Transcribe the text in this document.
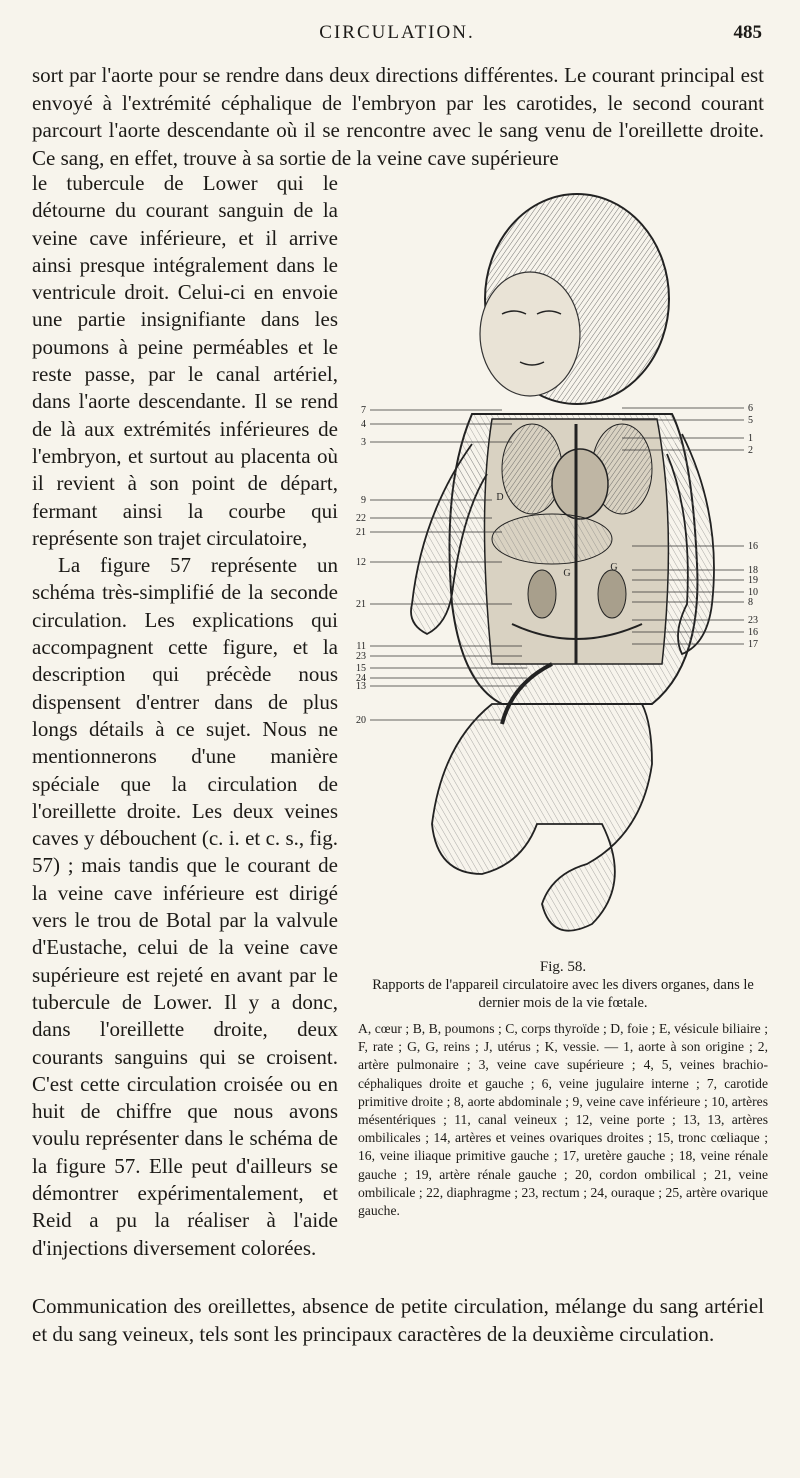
CIRCULATION.	485
sort par l'aorte pour se rendre dans deux directions différentes. Le courant principal est envoyé à l'extrémité céphalique de l'embryon par les carotides, le second courant parcourt l'aorte descendante où il se rencontre avec le sang venu de l'oreillette droite. Ce sang, en effet, trouve à sa sortie de la veine cave supérieure

le tubercule de Lower qui le détourne du courant sanguin de la veine cave inférieure, et il arrive ainsi presque intégralement dans le ventricule droit. Celui-ci en envoie une partie insignifiante dans les poumons à peine perméables et le reste passe, par le canal artériel, dans l'aorte descendante. Il se rend de là aux extrémités inférieures de l'embryon, et surtout au placenta où il revient à son point de départ, fermant ainsi la courbe qui représente son trajet circulatoire,

La figure 57 représente un schéma très-simplifié de la seconde circulation. Les explications qui accompagnent cette figure, et la description qui précède nous dispensent d'entrer dans de plus longs détails à ce sujet. Nous ne mentionnerons d'une manière spéciale que la circulation de l'oreillette droite. Les deux veines caves y débouchent (c. i. et c. s., fig. 57) ; mais tandis que le courant de la veine cave inférieure est dirigé vers le trou de Botal par la valvule d'Eustache, celui de la veine cave supérieure est rejeté en avant par le tubercule de Lower. Il y a donc, dans l'oreillette droite, deux courants sanguins qui se croisent. C'est cette circulation croisée ou en huit de chiffre que nous avons voulu représenter dans le schéma de la figure 57. Elle peut d'ailleurs se démontrer expérimentalement, et Reid a pu la réaliser à l'aide d'injections diversement colorées.

7
4
3
9
22
21
12
21
11
23
15
24
13
20
6
5
1
2
16
18
19
10
8
23
16
17
D
G
G
Fig. 58.
Rapports de l'appareil circulatoire avec les divers organes, dans le dernier mois de la vie fœtale.
A, cœur ; B, B, poumons ; C, corps thyroïde ; D, foie ; E, vésicule biliaire ; F, rate ; G, G, reins ; J, utérus ; K, vessie. — 1, aorte à son origine ; 2, artère pulmonaire ; 3, veine cave supérieure ; 4, 5, veines brachio-céphaliques droite et gauche ; 6, veine jugulaire interne ; 7, carotide primitive droite ; 8, aorte abdominale ; 9, veine cave inférieure ; 10, artères mésentériques ; 11, canal veineux ; 12, veine porte ; 13, 13, artères ombilicales ; 14, artères et veines ovariques droites ; 15, tronc cœliaque ; 16, veine iliaque primitive gauche ; 17, uretère gauche ; 18, veine rénale gauche ; 19, artère rénale gauche ; 20, cordon ombilical ; 21, veine ombilicale ; 22, diaphragme ; 23, rectum ; 24, ouraque ; 25, artère ovarique gauche.
Communication des oreillettes, absence de petite circulation, mélange du sang artériel et du sang veineux, tels sont les principaux caractères de la deuxième circulation.
